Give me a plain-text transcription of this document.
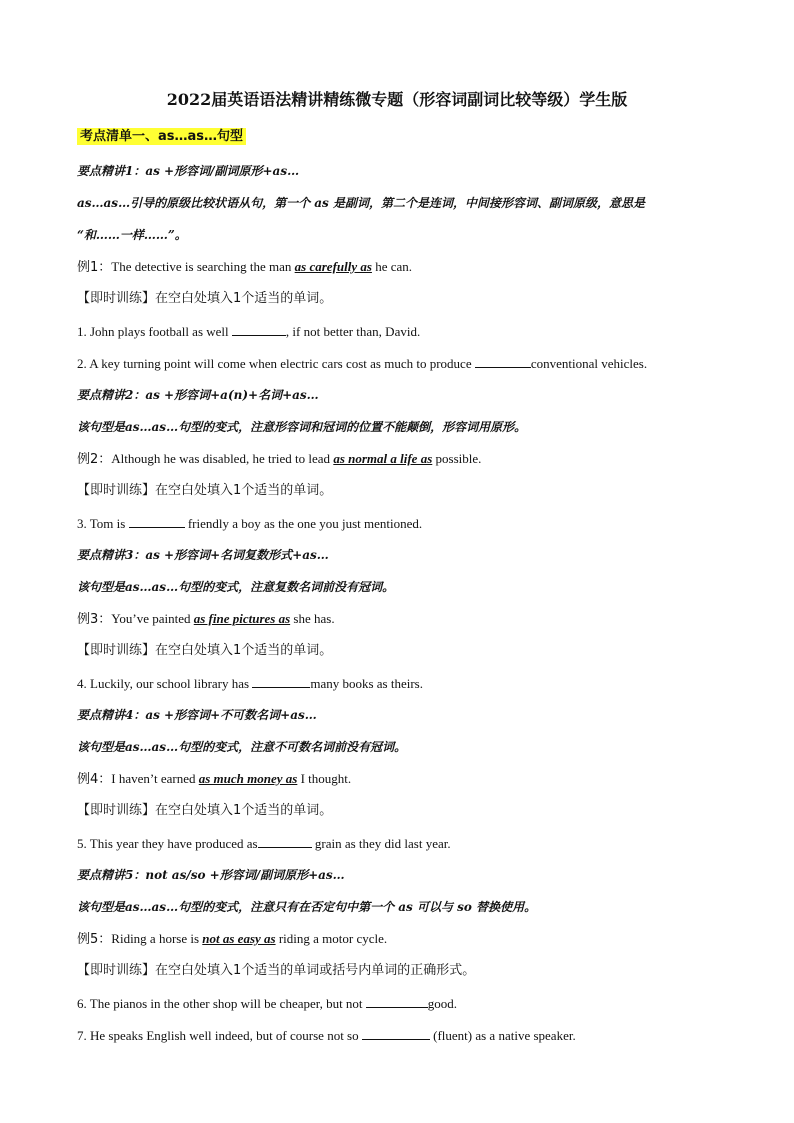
2022届英语语法精讲精练微专题（形容词副词比较等级）学生版
考点清单一、as…as…句型
要点精讲1：as +形容词/副词原形+as…
as…as…引导的原级比较状语从句，第一个 as 是副词，第二个是连词，中间接形容词、副词原级，意思是
“和……一样……”。
例1：The detective is searching the man as carefully as he can.
【即时训练】在空白处填入1个适当的单词。
1. John plays football as well	, if not better than, David.
2. A key turning point will come when electric cars cost as much to produce	conventional vehicles.
要点精讲2：as +形容词+a(n)+名词+as…
该句型是as…as…句型的变式，注意形容词和冠词的位置不能颠倒，形容词用原形。
例2：Although he was disabled, he tried to lead as normal a life as possible.
【即时训练】在空白处填入1个适当的单词。
3. Tom is	friendly a boy as the one you just mentioned.
要点精讲3：as +形容词+名词复数形式+as…
该句型是as…as…句型的变式，注意复数名词前没有冠词。
例3：You’ve painted as fine pictures as she has.
【即时训练】在空白处填入1个适当的单词。
4. Luckily, our school library has	many books as theirs.
要点精讲4：as +形容词+不可数名词+as…
该句型是as…as…句型的变式，注意不可数名词前没有冠词。
例4：I haven’t earned as much money as I thought.
【即时训练】在空白处填入1个适当的单词。
5. This year they have produced as	grain as they did last year.
要点精讲5：not as/so +形容词/副词原形+as…
该句型是as…as…句型的变式，注意只有在否定句中第一个 as 可以与 so 替换使用。
例5：Riding a horse is not as easy as riding a motor cycle.
【即时训练】在空白处填入1个适当的单词或括号内单词的正确形式。
6. The pianos in the other shop will be cheaper, but not	good.
7. He speaks English well indeed, but of course not so	(fluent) as a native speaker.
